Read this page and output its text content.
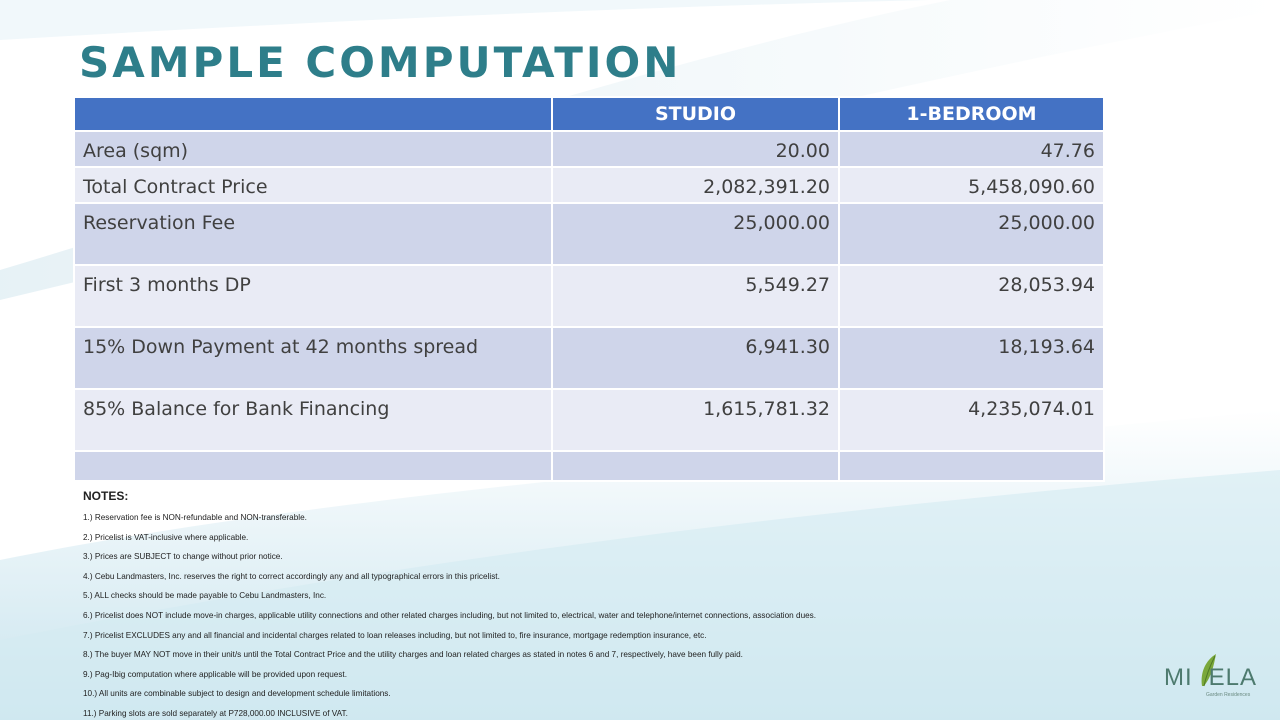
SAMPLE COMPUTATION
	STUDIO	1-BEDROOM
Area (sqm)	20.00	47.76
Total Contract Price	2,082,391.20	5,458,090.60
Reservation Fee	25,000.00	25,000.00
First 3 months DP	5,549.27	28,053.94
15% Down Payment at 42 months spread	6,941.30	18,193.64
85% Balance for Bank Financing	1,615,781.32	4,235,074.01

NOTES:
1.) Reservation fee is NON-refundable and NON-transferable.
2.) Pricelist is VAT-inclusive where applicable.
3.) Prices are SUBJECT to change without prior notice.
4.) Cebu Landmasters, Inc. reserves the right to correct accordingly any and all typographical errors in this pricelist.
5.) ALL checks should be made payable to Cebu Landmasters, Inc.
6.) Pricelist does NOT include move-in charges, applicable utility connections and other related charges including, but not limited to, electrical, water and telephone/internet connections, association dues.
7.) Pricelist EXCLUDES any and all financial and incidental charges related to loan releases including, but not limited to, fire insurance, mortgage redemption insurance, etc.
8.) The buyer MAY NOT move in their unit/s until the Total Contract Price and the utility charges and loan related charges as stated in notes 6 and 7, respectively, have been fully paid.
9.) Pag-Ibig computation where applicable will be provided upon request.
10.) All units are combinable subject to design and development schedule limitations.
11.) Parking slots are sold separately at P728,000.00 INCLUSIVE of VAT.
MI ELA
Garden Residences
